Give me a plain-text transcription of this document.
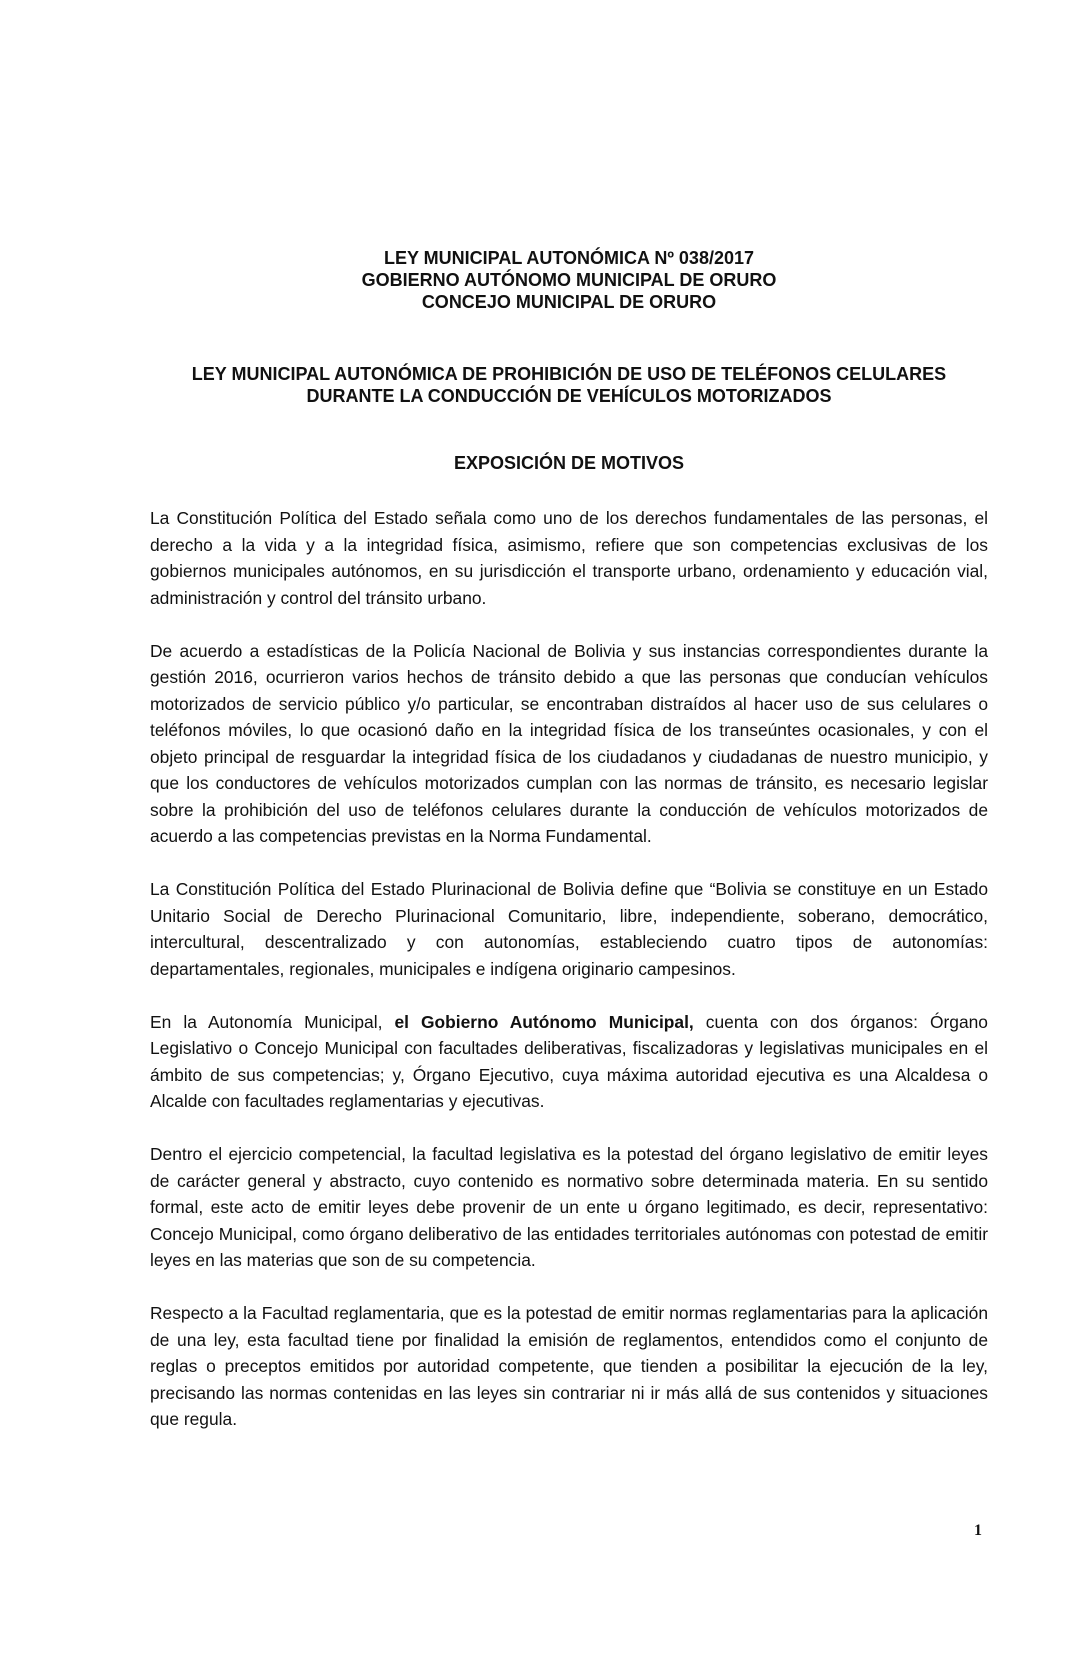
LEY MUNICIPAL AUTONÓMICA Nº 038/2017
GOBIERNO AUTÓNOMO MUNICIPAL DE ORURO
CONCEJO MUNICIPAL DE ORURO
LEY MUNICIPAL AUTONÓMICA DE PROHIBICIÓN DE USO DE TELÉFONOS CELULARES
DURANTE LA CONDUCCIÓN DE VEHÍCULOS MOTORIZADOS
EXPOSICIÓN DE MOTIVOS

La Constitución Política del Estado señala como uno de los derechos fundamentales de las personas, el derecho a la vida y a la integridad física, asimismo, refiere que son competencias exclusivas de los gobiernos municipales autónomos, en su jurisdicción el transporte urbano, ordenamiento y educación vial, administración y control del tránsito urbano.

De acuerdo a estadísticas de la Policía Nacional de Bolivia y sus instancias correspondientes durante la gestión 2016, ocurrieron varios hechos de tránsito debido a que las personas que conducían vehículos motorizados de servicio público y/o particular, se encontraban distraídos al hacer uso de sus celulares o teléfonos móviles, lo que ocasionó daño en la integridad física de los transeúntes ocasionales, y con el objeto principal de resguardar la integridad física de los ciudadanos y ciudadanas de nuestro municipio, y que los conductores de vehículos motorizados cumplan con las normas de tránsito, es necesario legislar sobre la prohibición del uso de teléfonos celulares durante la conducción de vehículos motorizados de acuerdo a las competencias previstas en la Norma Fundamental.

La Constitución Política del Estado Plurinacional de Bolivia define que “Bolivia se constituye en un Estado Unitario Social de Derecho Plurinacional Comunitario, libre, independiente, soberano, democrático, intercultural, descentralizado y con autonomías, estableciendo cuatro tipos de autonomías: departamentales, regionales, municipales e indígena originario campesinos.

En la Autonomía Municipal, el Gobierno Autónomo Municipal, cuenta con dos órganos: Órgano Legislativo o Concejo Municipal con facultades deliberativas, fiscalizadoras y legislativas municipales en el ámbito de sus competencias; y, Órgano Ejecutivo, cuya máxima autoridad ejecutiva es una Alcaldesa o Alcalde con facultades reglamentarias y ejecutivas.

Dentro el ejercicio competencial, la facultad legislativa es la potestad del órgano legislativo de emitir leyes de carácter general y abstracto, cuyo contenido es normativo sobre determinada materia. En su sentido formal, este acto de emitir leyes debe provenir de un ente u órgano legitimado, es decir, representativo: Concejo Municipal, como órgano deliberativo de las entidades territoriales autónomas con potestad de emitir leyes en las materias que son de su competencia.

Respecto a la Facultad reglamentaria, que es la potestad de emitir normas reglamentarias para la aplicación de una ley, esta facultad tiene por finalidad la emisión de reglamentos, entendidos como el conjunto de reglas o preceptos emitidos por autoridad competente, que tienden a posibilitar la ejecución de la ley, precisando las normas contenidas en las leyes sin contrariar ni ir más allá de sus contenidos y situaciones que regula.

1
